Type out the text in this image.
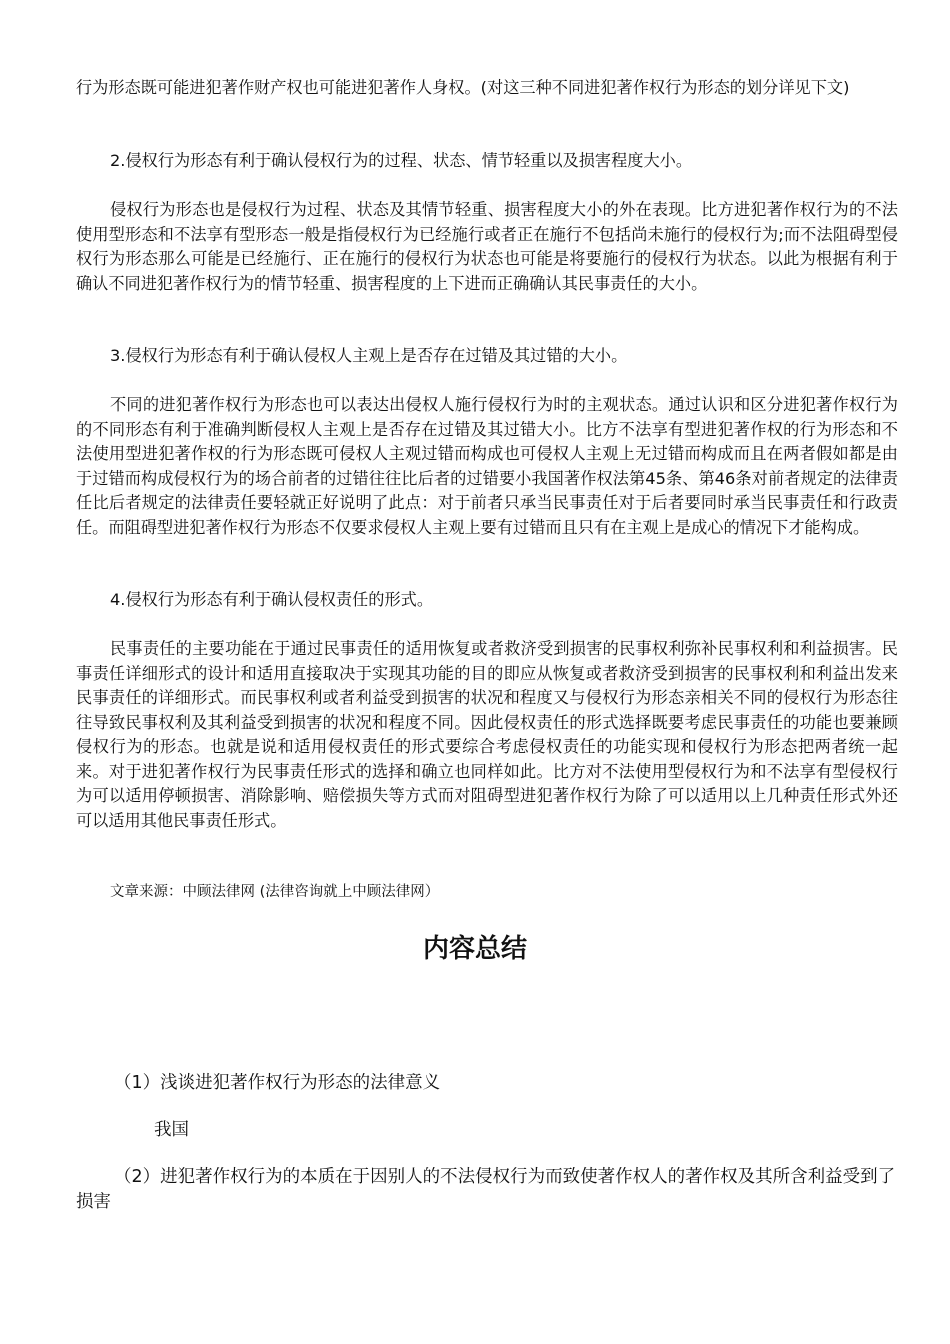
行为形态既可能进犯著作财产权也可能进犯著作人身权。(对这三种不同进犯著作权行为形态的划分详见下文)

2.侵权行为形态有利于确认侵权行为的过程、状态、情节轻重以及损害程度大小。

侵权行为形态也是侵权行为过程、状态及其情节轻重、损害程度大小的外在表现。比方进犯著作权行为的不法使用型形态和不法享有型形态一般是指侵权行为已经施行或者正在施行不包括尚未施行的侵权行为;而不法阻碍型侵权行为形态那么可能是已经施行、正在施行的侵权行为状态也可能是将要施行的侵权行为状态。以此为根据有利于确认不同进犯著作权行为的情节轻重、损害程度的上下进而正确确认其民事责任的大小。

3.侵权行为形态有利于确认侵权人主观上是否存在过错及其过错的大小。

不同的进犯著作权行为形态也可以表达出侵权人施行侵权行为时的主观状态。通过认识和区分进犯著作权行为的不同形态有利于准确判断侵权人主观上是否存在过错及其过错大小。比方不法享有型进犯著作权的行为形态和不法使用型进犯著作权的行为形态既可侵权人主观过错而构成也可侵权人主观上无过错而构成而且在两者假如都是由于过错而构成侵权行为的场合前者的过错往往比后者的过错要小我国著作权法第45条、第46条对前者规定的法律责任比后者规定的法律责任要轻就正好说明了此点：对于前者只承当民事责任对于后者要同时承当民事责任和行政责任。而阻碍型进犯著作权行为形态不仅要求侵权人主观上要有过错而且只有在主观上是成心的情况下才能构成。

4.侵权行为形态有利于确认侵权责任的形式。

民事责任的主要功能在于通过民事责任的适用恢复或者救济受到损害的民事权利弥补民事权利和利益损害。民事责任详细形式的设计和适用直接取决于实现其功能的目的即应从恢复或者救济受到损害的民事权利和利益出发来民事责任的详细形式。而民事权利或者利益受到损害的状况和程度又与侵权行为形态亲相关不同的侵权行为形态往往导致民事权利及其利益受到损害的状况和程度不同。因此侵权责任的形式选择既要考虑民事责任的功能也要兼顾侵权行为的形态。也就是说和适用侵权责任的形式要综合考虑侵权责任的功能实现和侵权行为形态把两者统一起来。对于进犯著作权行为民事责任形式的选择和确立也同样如此。比方对不法使用型侵权行为和不法享有型侵权行为可以适用停顿损害、消除影响、赔偿损失等方式而对阻碍型进犯著作权行为除了可以适用以上几种责任形式外还可以适用其他民事责任形式。

文章来源：中顾法律网 (法律咨询就上中顾法律网）

内容总结

（1）浅谈进犯著作权行为形态的法律意义

我国

（2）进犯著作权行为的本质在于因别人的不法侵权行为而致使著作权人的著作权及其所含利益受到了损害
